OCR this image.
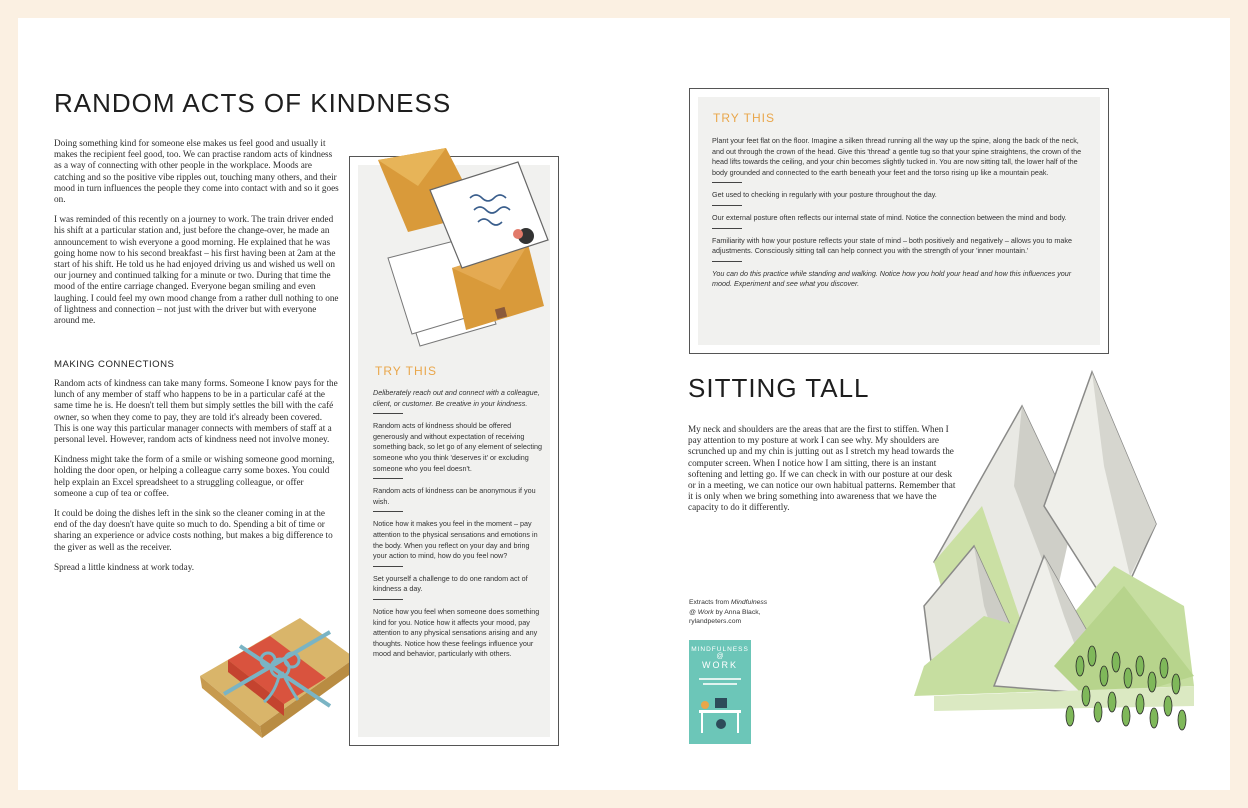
RANDOM ACTS OF KINDNESS

Doing something kind for someone else makes us feel good and usually it makes the recipient feel good, too. We can practise random acts of kindness as a way of connecting with other people in the workplace. Moods are catching and so the positive vibe ripples out, touching many others, and their mood in turn influences the people they come into contact with and so it goes on.

I was reminded of this recently on a journey to work. The train driver ended his shift at a particular station and, just before the change-over, he made an announcement to wish everyone a good morning. He explained that he was going home now to his second breakfast – his first having been at 2am at the start of his shift. He told us he had enjoyed driving us and wished us well on our journey and continued talking for a minute or two. During that time the mood of the entire carriage changed. Everyone began smiling and even laughing. I could feel my own mood change from a rather dull nothing to one of lightness and connection – not just with the driver but with everyone around me.

MAKING CONNECTIONS

Random acts of kindness can take many forms. Someone I know pays for the lunch of any member of staff who happens to be in a particular café at the same time he is. He doesn't tell them but simply settles the bill with the café owner, so when they come to pay, they are told it's already been covered. This is one way this particular manager connects with members of staff at a personal level. However, random acts of kindness need not involve money.

Kindness might take the form of a smile or wishing someone good morning, holding the door open, or helping a colleague carry some boxes. You could help explain an Excel spreadsheet to a struggling colleague, or offer someone a cup of tea or coffee.

It could be doing the dishes left in the sink so the cleaner coming in at the end of the day doesn't have quite so much to do. Spending a bit of time or sharing an experience or advice costs nothing, but makes a big difference to the giver as well as the receiver.

Spread a little kindness at work today.

TRY THIS

Deliberately reach out and connect with a colleague, client, or customer. Be creative in your kindness.

Random acts of kindness should be offered generously and without expectation of receiving something back, so let go of any element of selecting someone who you think 'deserves it' or excluding someone who you feel doesn't.

Random acts of kindness can be anonymous if you wish.

Notice how it makes you feel in the moment – pay attention to the physical sensations and emotions in the body. When you reflect on your day and bring your action to mind, how do you feel now?

Set yourself a challenge to do one random act of kindness a day.

Notice how you feel when someone does something kind for you. Notice how it affects your mood, pay attention to any physical sensations arising and any thoughts. Notice how these feelings influence your mood and behavior, particularly with others.

TRY THIS

Plant your feet flat on the floor. Imagine a silken thread running all the way up the spine, along the back of the neck, and out through the crown of the head. Give this 'thread' a gentle tug so that your spine straightens, the crown of the head lifts towards the ceiling, and your chin becomes slightly tucked in. You are now sitting tall, the lower half of the body grounded and connected to the earth beneath your feet and the torso rising up like a mountain peak.

Get used to checking in regularly with your posture throughout the day.

Our external posture often reflects our internal state of mind. Notice the connection between the mind and body.

Familiarity with how your posture reflects your state of mind – both positively and negatively – allows you to make adjustments. Consciously sitting tall can help connect you with the strength of your 'inner mountain.'

You can do this practice while standing and walking. Notice how you hold your head and how this influences your mood. Experiment and see what you discover.

SITTING TALL

My neck and shoulders are the areas that are the first to stiffen. When I pay attention to my posture at work I can see why. My shoulders are scrunched up and my chin is jutting out as I stretch my head towards the computer screen. When I notice how I am sitting, there is an instant softening and letting go. If we can check in with our posture at our desk or in a meeting, we can notice our own habitual patterns. Remember that it is only when we bring something into awareness that we have the capacity to do it differently.

Extracts from Mindfulness
@ Work by Anna Black,
rylandpeters.com
MINDFULNESS
@
WORK
